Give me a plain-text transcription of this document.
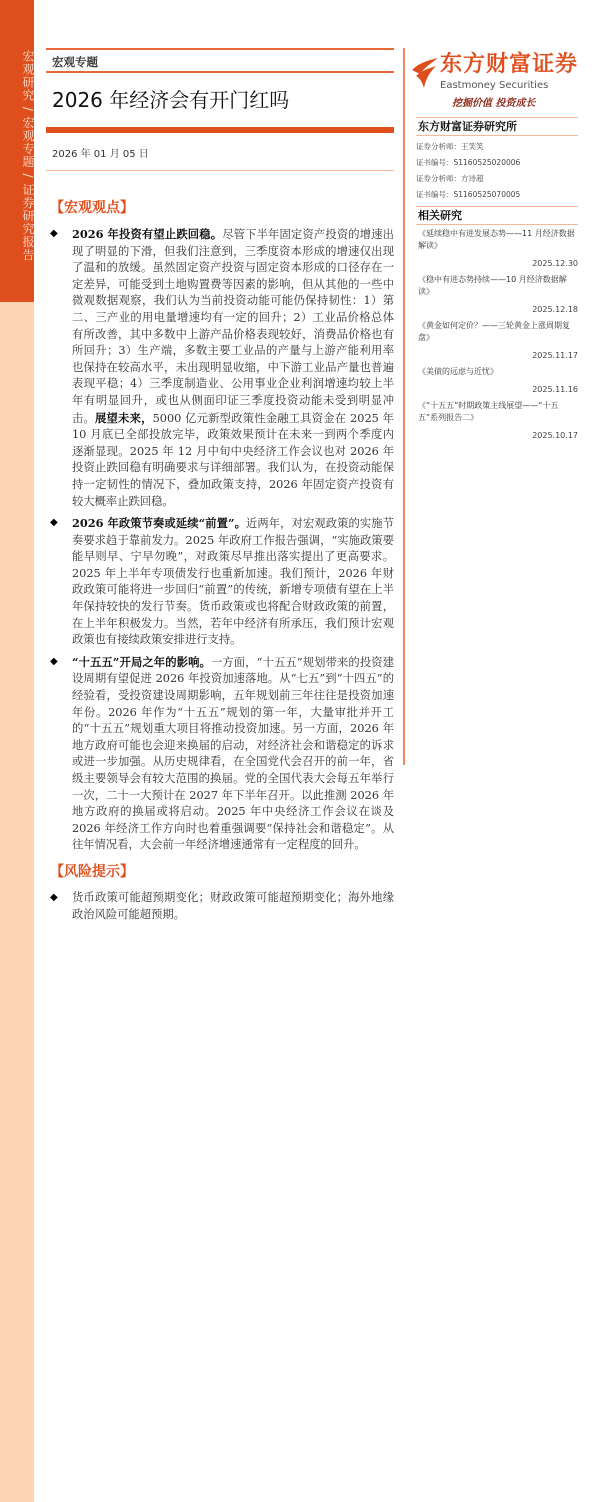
宏观研究 / 宏观专题 / 证券研究报告 宏观专题
2026 年经济会有开门红吗
2026 年 01 月 05 日
【宏观观点】
◆ 2026 年投资有望止跌回稳。尽管下半年固定资产投资的增速出现了明显的下滑，但我们注意到，三季度资本形成的增速仅出现了温和的放缓。虽然固定资产投资与固定资本形成的口径存在一定差异，可能受到土地购置费等因素的影响，但从其他的一些中微观数据观察，我们认为当前投资动能可能仍保持韧性：1）第二、三产业的用电量增速均有一定的回升；2）工业品价格总体有所改善，其中多数中上游产品价格表现较好，消费品价格也有所回升；3）生产端，多数主要工业品的产量与上游产能利用率也保持在较高水平，未出现明显收缩，中下游工业品产量也普遍表现平稳；4）三季度制造业、公用事业企业利润增速均较上半年有明显回升，或也从侧面印证三季度投资动能未受到明显冲击。展望未来，5000 亿元新型政策性金融工具资金在 2025 年 10 月底已全部投放完毕，政策效果预计在未来一到两个季度内逐渐显现。2025 年 12 月中旬中央经济工作会议也对 2026 年投资止跌回稳有明确要求与详细部署。我们认为，在投资动能保持一定韧性的情况下，叠加政策支持，2026 年固定资产投资有较大概率止跌回稳。
◆ 2026 年政策节奏或延续“前置”。近两年，对宏观政策的实施节奏要求趋于靠前发力。2025 年政府工作报告强调，“实施政策要能早则早、宁早勿晚”，对政策尽早推出落实提出了更高要求。2025 年上半年专项债发行也重新加速。我们预计，2026 年财政政策可能将进一步回归“前置”的传统，新增专项债有望在上半年保持较快的发行节奏。货币政策或也将配合财政政策的前置，在上半年积极发力。当然，若年中经济有所承压，我们预计宏观政策也有接续政策安排进行支持。
◆ “十五五”开局之年的影响。一方面，“十五五”规划带来的投资建设周期有望促进 2026 年投资加速落地。从“七五”到“十四五”的经验看，受投资建设周期影响，五年规划前三年往往是投资加速年份。2026 年作为“十五五”规划的第一年，大量审批并开工的“十五五”规划重大项目将推动投资加速。另一方面，2026 年地方政府可能也会迎来换届的启动，对经济社会和谐稳定的诉求或进一步加强。从历史规律看，在全国党代会召开的前一年，省级主要领导会有较大范围的换届。党的全国代表大会每五年举行一次，二十一大预计在 2027 年下半年召开。以此推测 2026 年地方政府的换届或将启动。2025 年中央经济工作会议在谈及 2026 年经济工作方向时也着重强调要“保持社会和谐稳定”。从往年情况看，大会前一年经济增速通常有一定程度的回升。
【风险提示】
◆ 货币政策可能超预期变化；财政政策可能超预期变化；海外地缘政治风险可能超预期。
东方财富证券
Eastmoney Securities
挖掘价值 投资成长
东方财富证券研究所
证券分析师：王笑笑
证书编号：S1160525020006
证券分析师：方诗超
证书编号：S1160525070005
相关研究
《延续稳中有进发展态势——11 月经济数据解读》
2025.12.30
《稳中有进态势持续——10 月经济数据解读》
2025.12.18
《黄金如何定价？——三轮黄金上涨周期复盘》
2025.11.17
《美债的远虑与近忧》
2025.11.16
《“十五五”时期政策主线展望——“十五五”系列报告二》
2025.10.17
